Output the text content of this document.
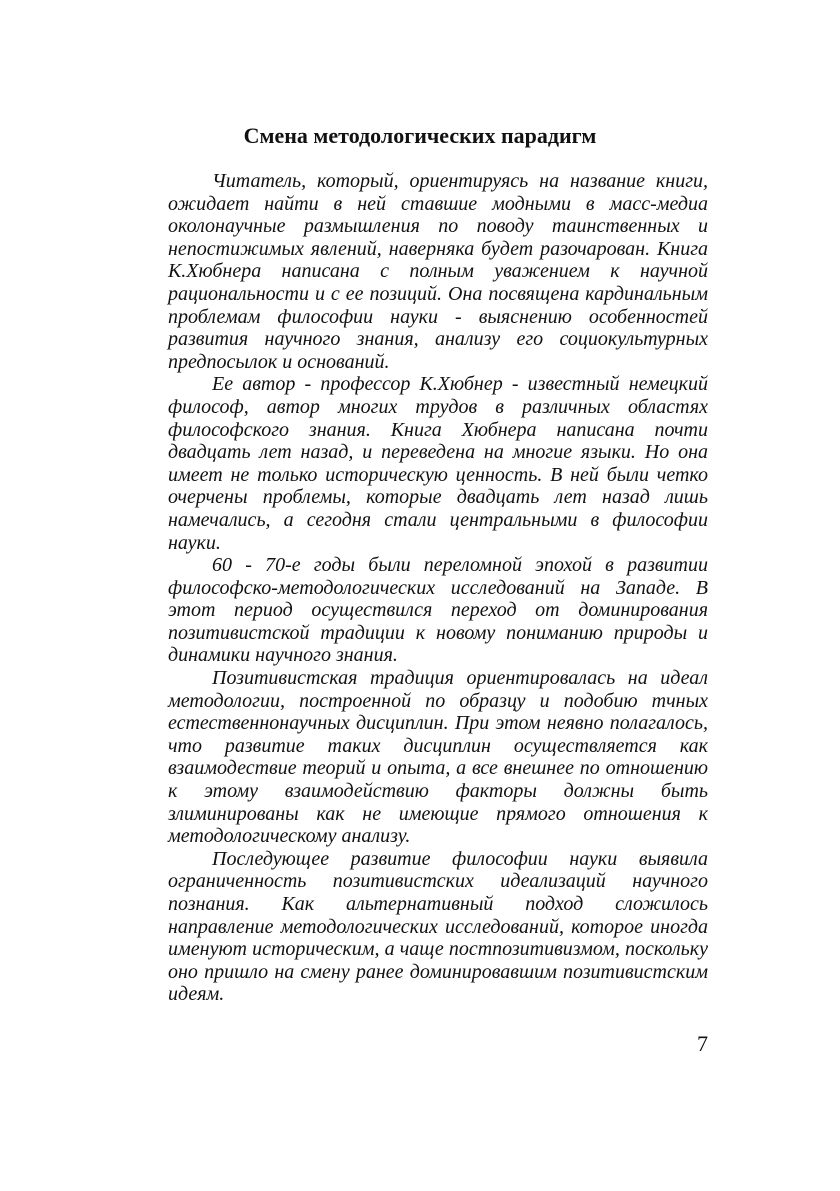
Смена методологических парадигм

Читатель, который, ориентируясь на название книги, ожидает найти в ней ставшие модными в масс-медиа околонаучные размышления по поводу таинственных и непостижимых явлений, наверняка будет разочарован. Книга К.Хюбнера написана с полным уважением к научной рациональности и с ее позиций. Она посвящена кардинальным проблемам философии науки - выяснению особенностей развития научного знания, анализу его социокультурных предпосылок и оснований.

Ее автор - профессор К.Хюбнер - известный немецкий философ, автор многих трудов в различных областях философского знания. Книга Хюбнера написана почти двадцать лет назад, и переведена на многие языки. Но она имеет не только историческую ценность. В ней были четко очерчены проблемы, которые двадцать лет назад лишь намечались, а сегодня стали центральными в философии науки.

60 - 70-е годы были переломной эпохой в развитии философско-методологических исследований на Западе. В этот период осуществился переход от доминирования позитивистской традиции к новому пониманию природы и динамики научного знания.

Позитивистская традиция ориентировалась на идеал методологии, построенной по образцу и подобию тчных естественнонаучных дисциплин. При этом неявно полагалось, что развитие таких дисциплин осуществляется как взаимодествие теорий и опыта, а все внешнее по отношению к этому взаимодействию факторы должны быть злиминированы как не имеющие прямого отношения к методологическому анализу.

Последующее развитие философии науки выявила ограниченность позитивистских идеализаций научного познания. Как альтернативный подход сложилось направление методологических исследований, которое иногда именуют историческим, а чаще постпозитивизмом, поскольку оно пришло на смену ранее доминировавшим позитивистским идеям.

7
